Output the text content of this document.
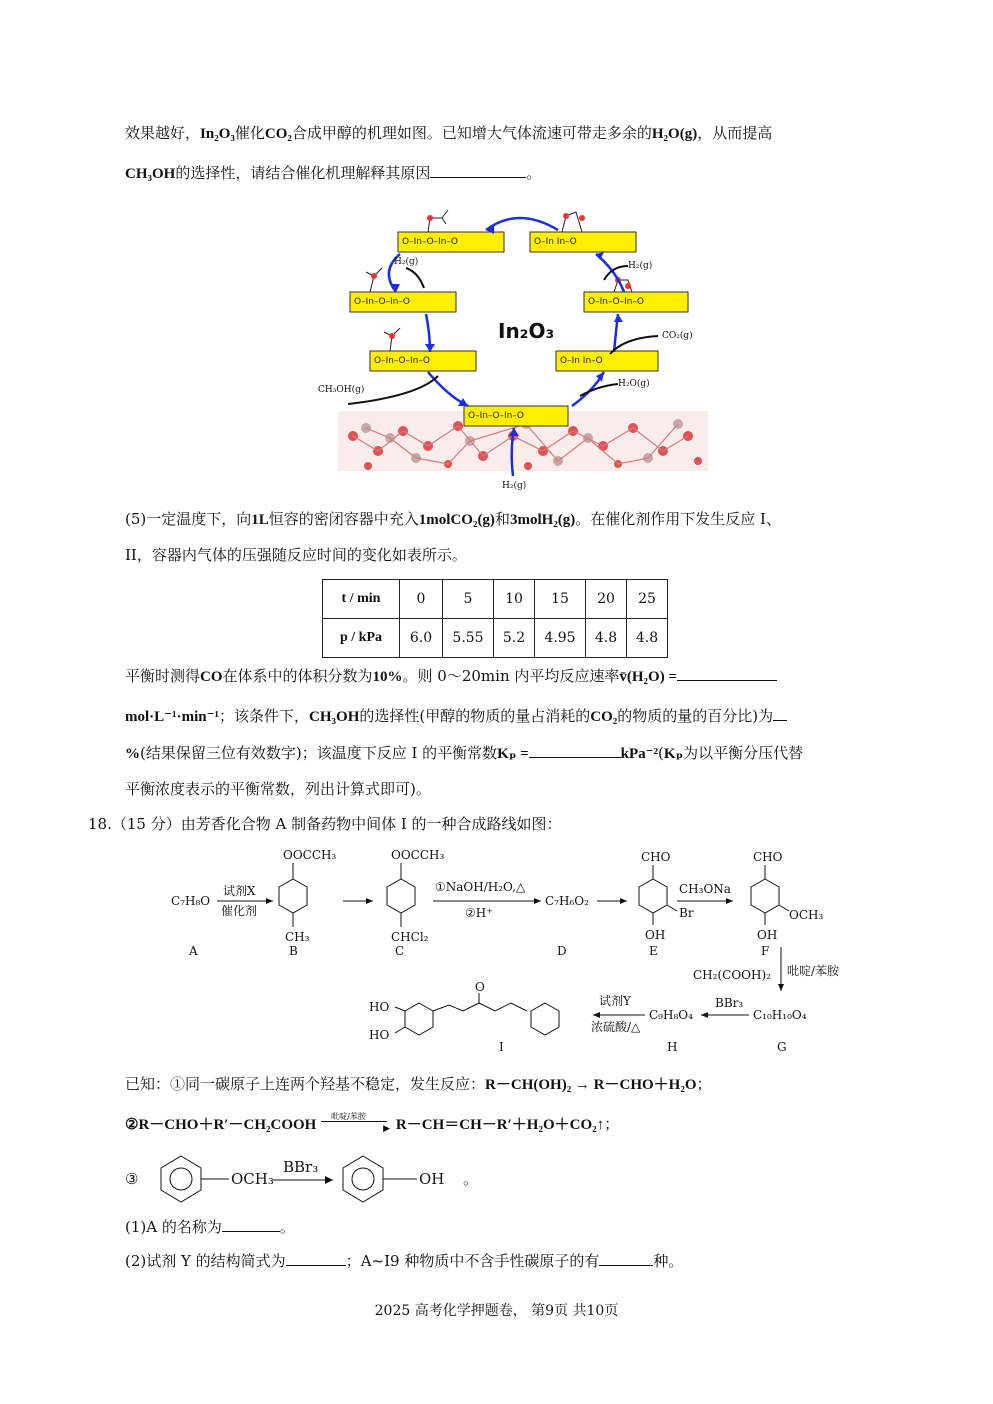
效果越好，In₂O₃催化CO₂合成甲醇的机理如图。已知增大气体流速可带走多余的H₂O(g)，从而提高
CH₃OH的选择性，请结合催化机理解释其原因	。
O–In–O–In–O	O–In In–O
O–In–O–In–O	O–In–O–In–O
O–In–O–In–O	O–In In–O
O–In–O–In–O
In₂O₃
H₂(g)	H₂(g)
CO₂(g)
H₂O(g)
CH₃OH(g)
H₂(g)
(5)一定温度下，向1L恒容的密闭容器中充入1molCO₂(g)和3molH₂(g)。在催化剂作用下发生反应 I、
II，容器内气体的压强随反应时间的变化如表所示。
t / min	0	5	10	15	20	25
p / kPa	6.0	5.55	5.2	4.95	4.8	4.8
平衡时测得CO在体系中的体积分数为10%。则 0～20min 内平均反应速率v̄(H₂O) =
mol·L⁻¹·min⁻¹；该条件下，CH₃OH的选择性(甲醇的物质的量占消耗的CO₂的物质的量的百分比)为
%(结果保留三位有效数字)；该温度下反应 I 的平衡常数Kₚ =	kPa⁻²(Kₚ为以平衡分压代替
平衡浓度表示的平衡常数，列出计算式即可)。
18.（15 分）由芳香化合物 A 制备药物中间体 I 的一种合成路线如图：
C₇H₈O
试剂X
催化剂
OOCCH₃
CH₃
OOCCH₃
CHCl₂
①NaOH/H₂O,△
②H⁺
C₇H₆O₂
CHO
Br
OH
CH₃ONa
CHO
OCH₃
OH
CH₂(COOH)₂ 吡啶/苯胺
C₁₀H₁₀O₄
BBr₃
C₉H₈O₄
试剂Y
浓硫酸/△
HO
HO
O
A	B	C	D	E	F
G
H
I
已知：①同一碳原子上连两个羟基不稳定，发生反应：R－CH(OH)₂ → R－CHO＋H₂O；
②R－CHO＋R′－CH₂COOH
吡啶/苯胺
▶ R－CH＝CH－R′＋H₂O＋CO₂↑；
③	OCH₃
BBr₃
OH 。
(1)A 的名称为	。
(2)试剂 Y 的结构简式为	；A~I9 种物质中不含手性碳原子的有	种。
2025 高考化学押题卷， 第9页 共10页
